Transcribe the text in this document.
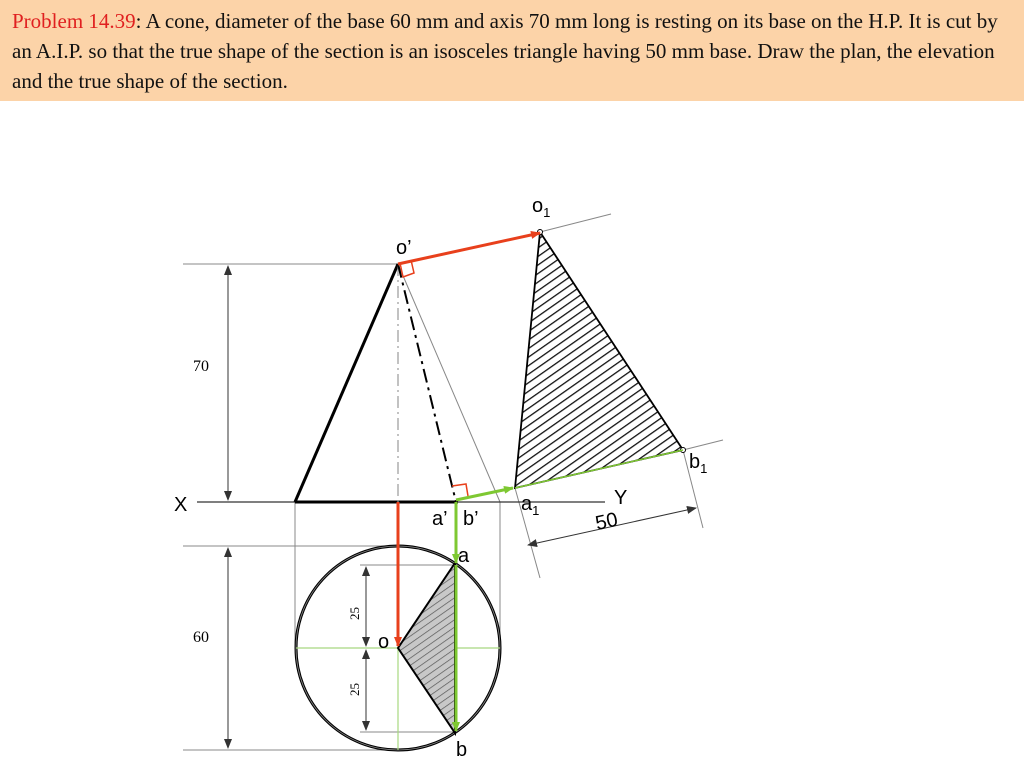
Problem 14.39: A cone, diameter of the base 60 mm and axis 70 mm long is resting on its base on the H.P. It is cut by an A.I.P. so that the true shape of the section is an isosceles triangle having 50 mm base. Draw the plan, the elevation and the true shape of the section.
o’
$o_1$
$b_1$
$a_1$
X	Y
a’ b’
a
o
b
70
60
50
25
25
